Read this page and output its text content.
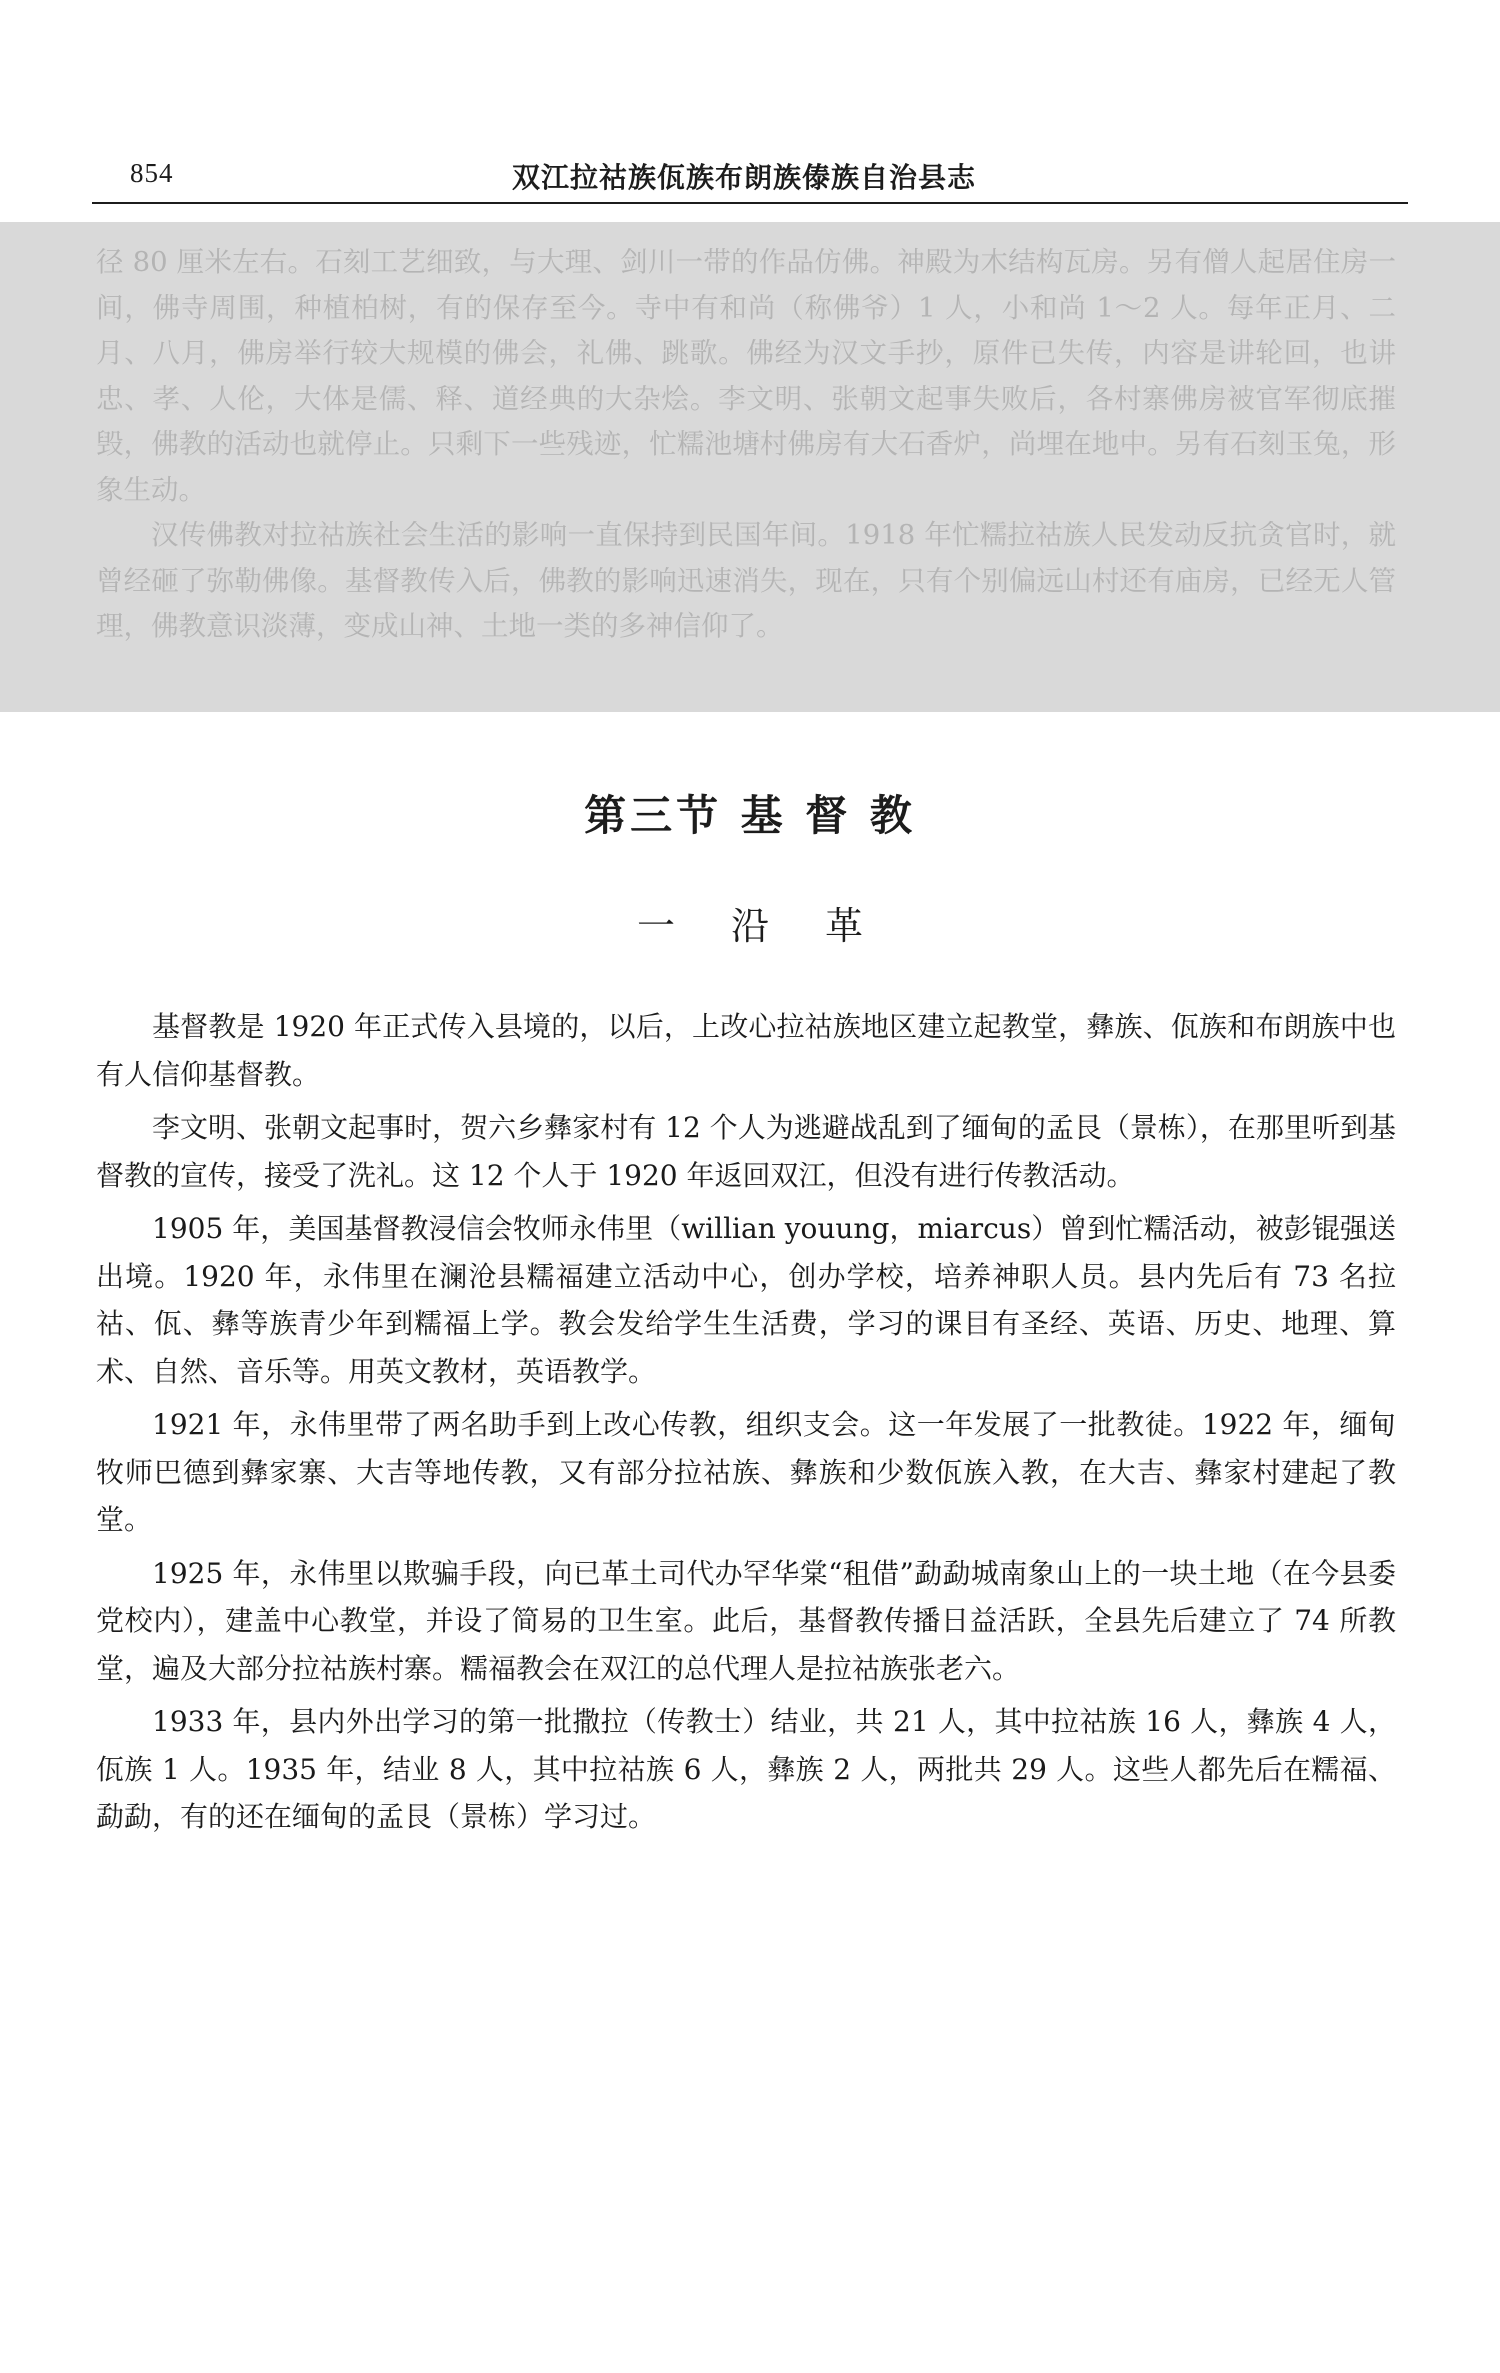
854	双江拉祜族佤族布朗族傣族自治县志

径 80 厘米左右。石刻工艺细致，与大理、剑川一带的作品仿佛。神殿为木结构瓦房。另有僧人起居住房一间，佛寺周围，种植柏树，有的保存至今。寺中有和尚（称佛爷）1 人，小和尚 1～2 人。每年正月、二月、八月，佛房举行较大规模的佛会，礼佛、跳歌。佛经为汉文手抄，原件已失传，内容是讲轮回，也讲忠、孝、人伦，大体是儒、释、道经典的大杂烩。李文明、张朝文起事失败后，各村寨佛房被官军彻底摧毁，佛教的活动也就停止。只剩下一些残迹，忙糯池塘村佛房有大石香炉，尚埋在地中。另有石刻玉兔，形象生动。

汉传佛教对拉祜族社会生活的影响一直保持到民国年间。1918 年忙糯拉祜族人民发动反抗贪官时，就曾经砸了弥勒佛像。基督教传入后，佛教的影响迅速消失，现在，只有个别偏远山村还有庙房，已经无人管理，佛教意识淡薄，变成山神、土地一类的多神信仰了。

第三节 基 督 教
一 沿 革

基督教是 1920 年正式传入县境的，以后，上改心拉祜族地区建立起教堂，彝族、佤族和布朗族中也有人信仰基督教。

李文明、张朝文起事时，贺六乡彝家村有 12 个人为逃避战乱到了缅甸的孟艮（景栋），在那里听到基督教的宣传，接受了洗礼。这 12 个人于 1920 年返回双江，但没有进行传教活动。

1905 年，美国基督教浸信会牧师永伟里（willian youung，miarcus）曾到忙糯活动，被彭锟强送出境。1920 年，永伟里在澜沧县糯福建立活动中心，创办学校，培养神职人员。县内先后有 73 名拉祜、佤、彝等族青少年到糯福上学。教会发给学生生活费，学习的课目有圣经、英语、历史、地理、算术、自然、音乐等。用英文教材，英语教学。

1921 年，永伟里带了两名助手到上改心传教，组织支会。这一年发展了一批教徒。1922 年，缅甸牧师巴德到彝家寨、大吉等地传教，又有部分拉祜族、彝族和少数佤族入教，在大吉、彝家村建起了教堂。

1925 年，永伟里以欺骗手段，向已革土司代办罕华棠“租借”勐勐城南象山上的一块土地（在今县委党校内），建盖中心教堂，并设了简易的卫生室。此后，基督教传播日益活跃，全县先后建立了 74 所教堂，遍及大部分拉祜族村寨。糯福教会在双江的总代理人是拉祜族张老六。

1933 年，县内外出学习的第一批撒拉（传教士）结业，共 21 人，其中拉祜族 16 人，彝族 4 人，佤族 1 人。1935 年，结业 8 人，其中拉祜族 6 人，彝族 2 人，两批共 29 人。这些人都先后在糯福、勐勐，有的还在缅甸的孟艮（景栋）学习过。
